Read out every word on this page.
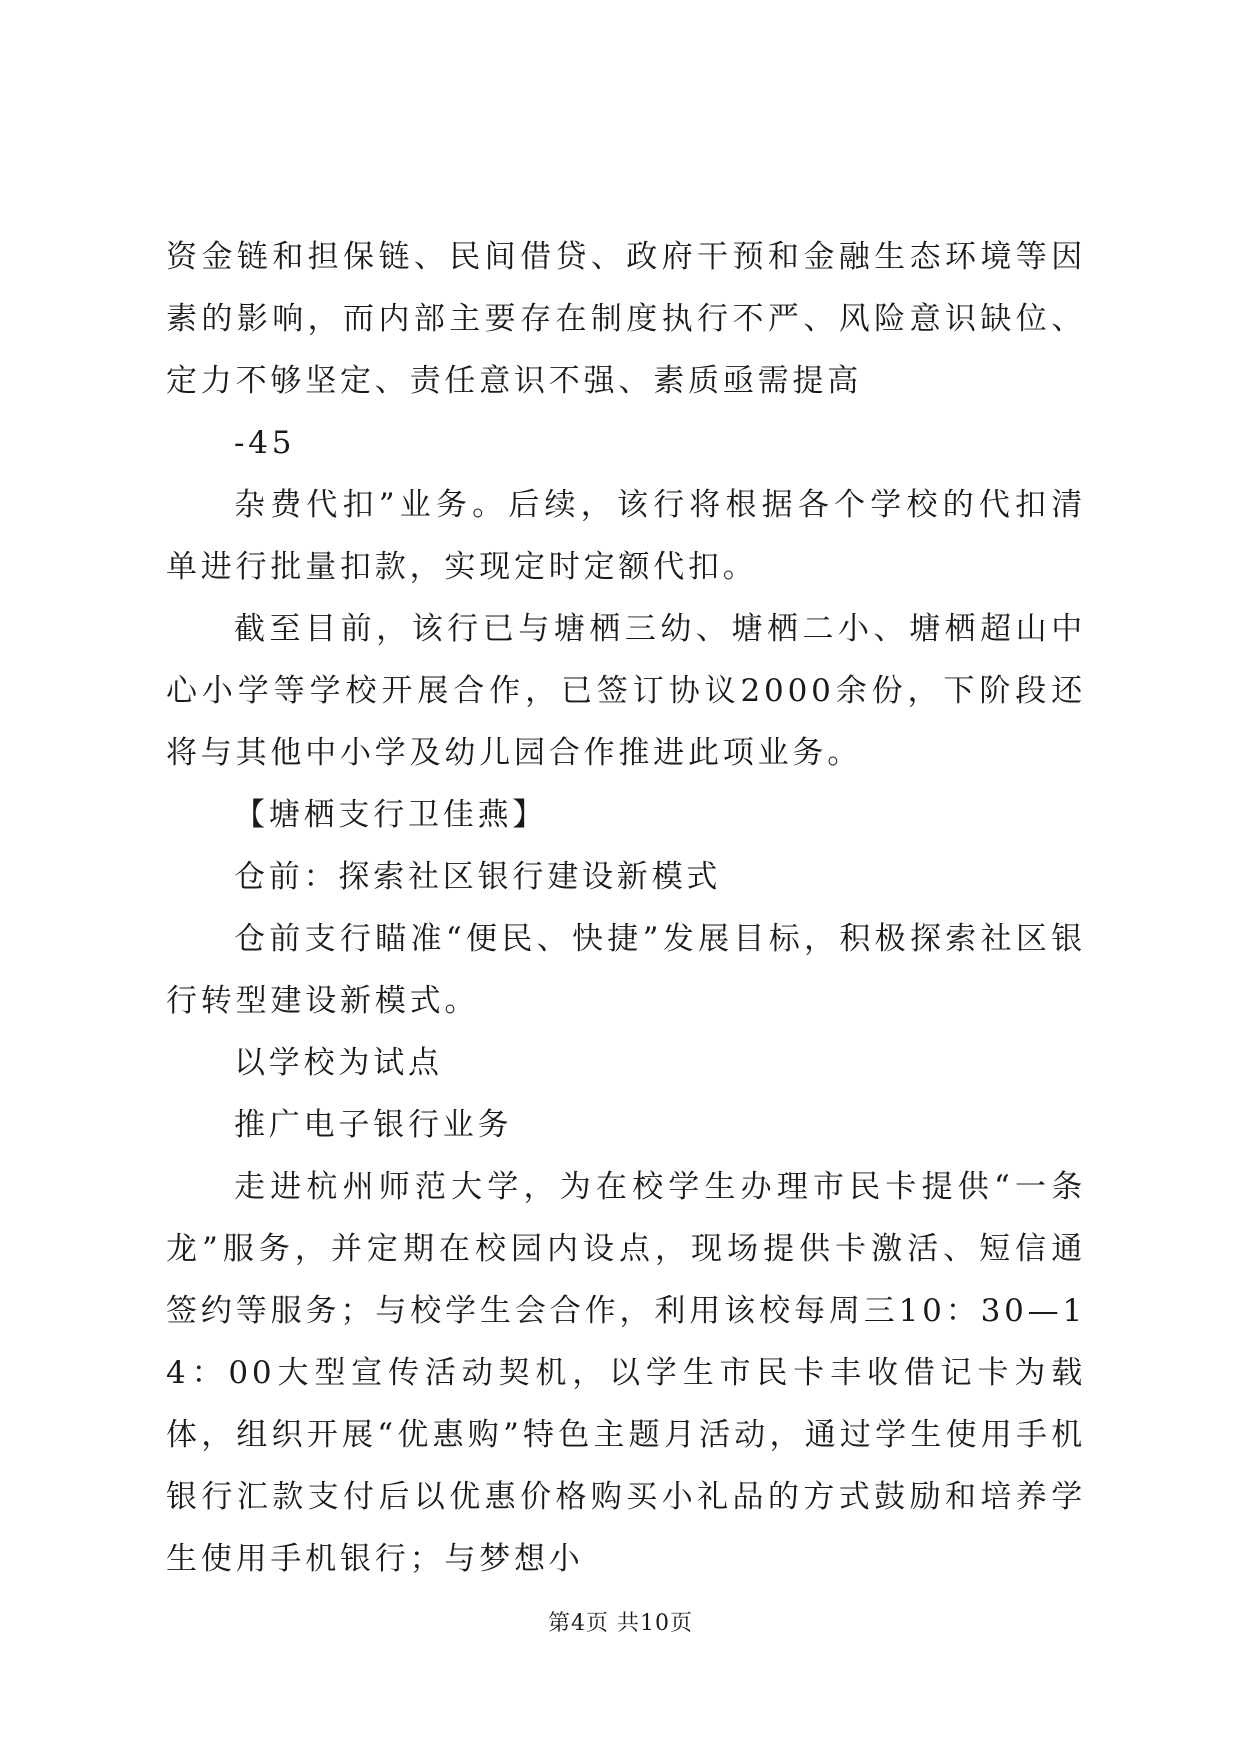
资金链和担保链、民间借贷、政府干预和金融生态环境等因素的影响，而内部主要存在制度执行不严、风险意识缺位、定力不够坚定、责任意识不强、素质亟需提高

-45

杂费代扣”业务。后续，该行将根据各个学校的代扣清单进行批量扣款，实现定时定额代扣。

截至目前，该行已与塘栖三幼、塘栖二小、塘栖超山中心小学等学校开展合作，已签订协议2000余份，下阶段还将与其他中小学及幼儿园合作推进此项业务。

【塘栖支行卫佳燕】

仓前：探索社区银行建设新模式

仓前支行瞄准“便民、快捷”发展目标，积极探索社区银行转型建设新模式。

以学校为试点

推广电子银行业务

走进杭州师范大学，为在校学生办理市民卡提供“一条龙”服务，并定期在校园内设点，现场提供卡激活、短信通签约等服务；与校学生会合作，利用该校每周三10：30—14：00大型宣传活动契机，以学生市民卡丰收借记卡为载体，组织开展“优惠购”特色主题月活动，通过学生使用手机银行汇款支付后以优惠价格购买小礼品的方式鼓励和培养学生使用手机银行；与梦想小

第4页 共10页
